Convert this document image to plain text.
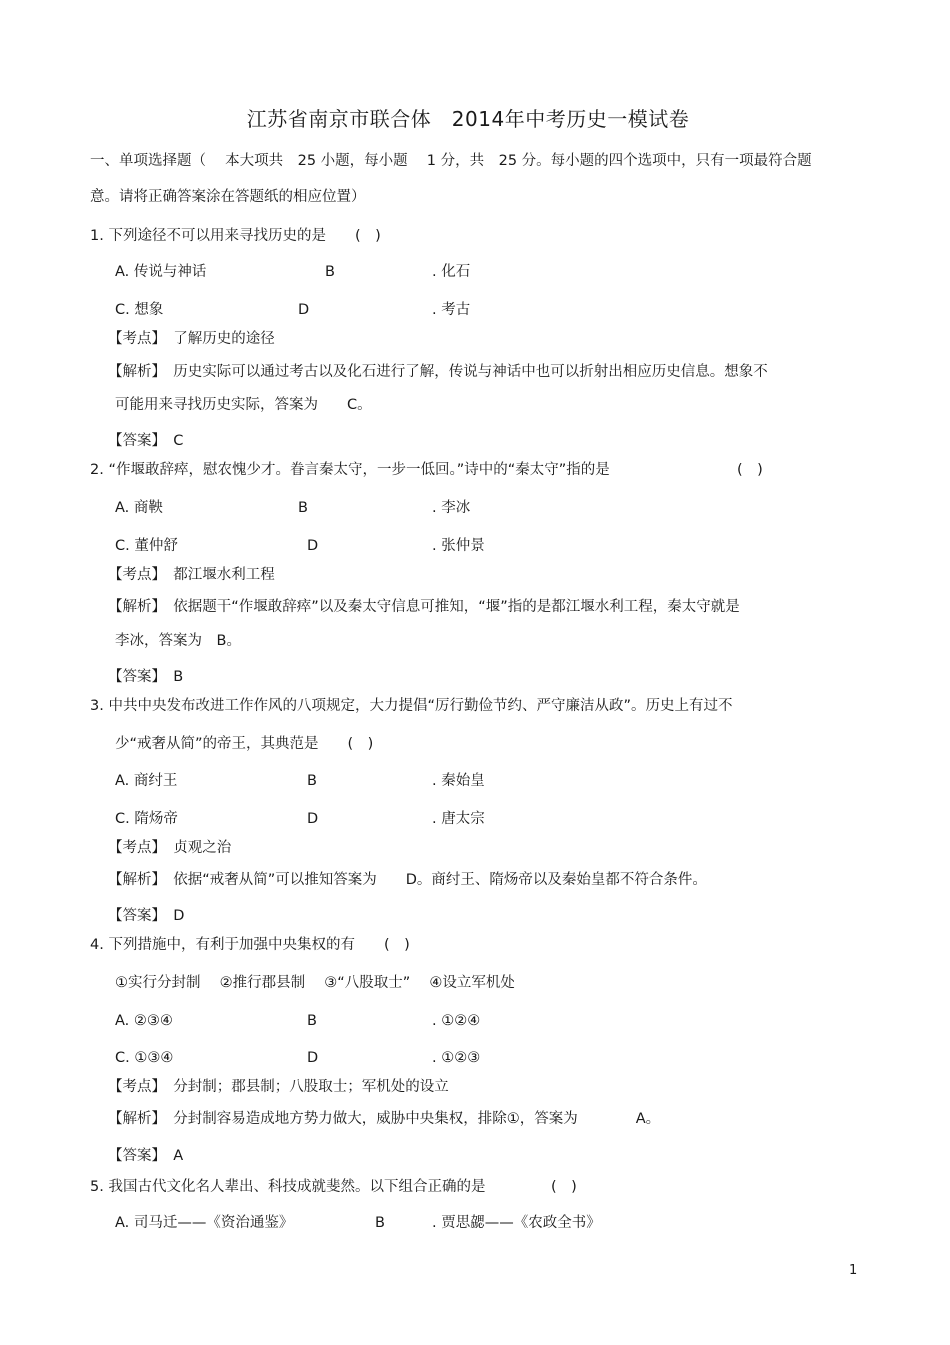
江苏省南京市联合体　2014年中考历史一模试卷
一、单项选择题（　 本大项共　25 小题，每小题　 1 分，共　25 分。每小题的四个选项中，只有一项最符合题
意。请将正确答案涂在答题纸的相应位置）
1. 下列途径不可以用来寻找历史的是　　(　)
A. 传说与神话	B	. 化石
C. 想象	D	. 考古
【考点】　了解历史的途径
【解析】　历史实际可以通过考古以及化石进行了解，传说与神话中也可以折射出相应历史信息。想象不
可能用来寻找历史实际，答案为　　C。
【答案】　C
2. “作堰敢辞瘁，慰农愧少才。眷言秦太守，一步一低回。”诗中的“秦太守”指的是	(　)
A. 商鞅	B	. 李冰
C. 董仲舒	D	. 张仲景
【考点】　都江堰水利工程
【解析】　依据题干“作堰敢辞瘁”以及秦太守信息可推知，“堰”指的是都江堰水利工程，秦太守就是
李冰，答案为　B。
【答案】　B
3. 中共中央发布改进工作作风的八项规定，大力提倡“厉行勤俭节约、严守廉洁从政”。历史上有过不
少“戒奢从简”的帝王，其典范是　　(　)
A. 商纣王	B	. 秦始皇
C. 隋炀帝	D	. 唐太宗
【考点】　贞观之治
【解析】　依据“戒奢从简”可以推知答案为　　D。商纣王、隋炀帝以及秦始皇都不符合条件。
【答案】　D
4. 下列措施中，有利于加强中央集权的有　　(　)
①实行分封制　 ②推行郡县制　 ③“八股取士”　 ④设立军机处
A. ②③④	B	. ①②④
C. ①③④	D	. ①②③
【考点】　分封制；郡县制；八股取士；军机处的设立
【解析】　分封制容易造成地方势力做大，威胁中央集权，排除①，答案为　　　　A。
【答案】　A
5. 我国古代文化名人辈出、科技成就斐然。以下组合正确的是	(　)
A. 司马迁——《资治通鉴》	B	. 贾思勰——《农政全书》
1
